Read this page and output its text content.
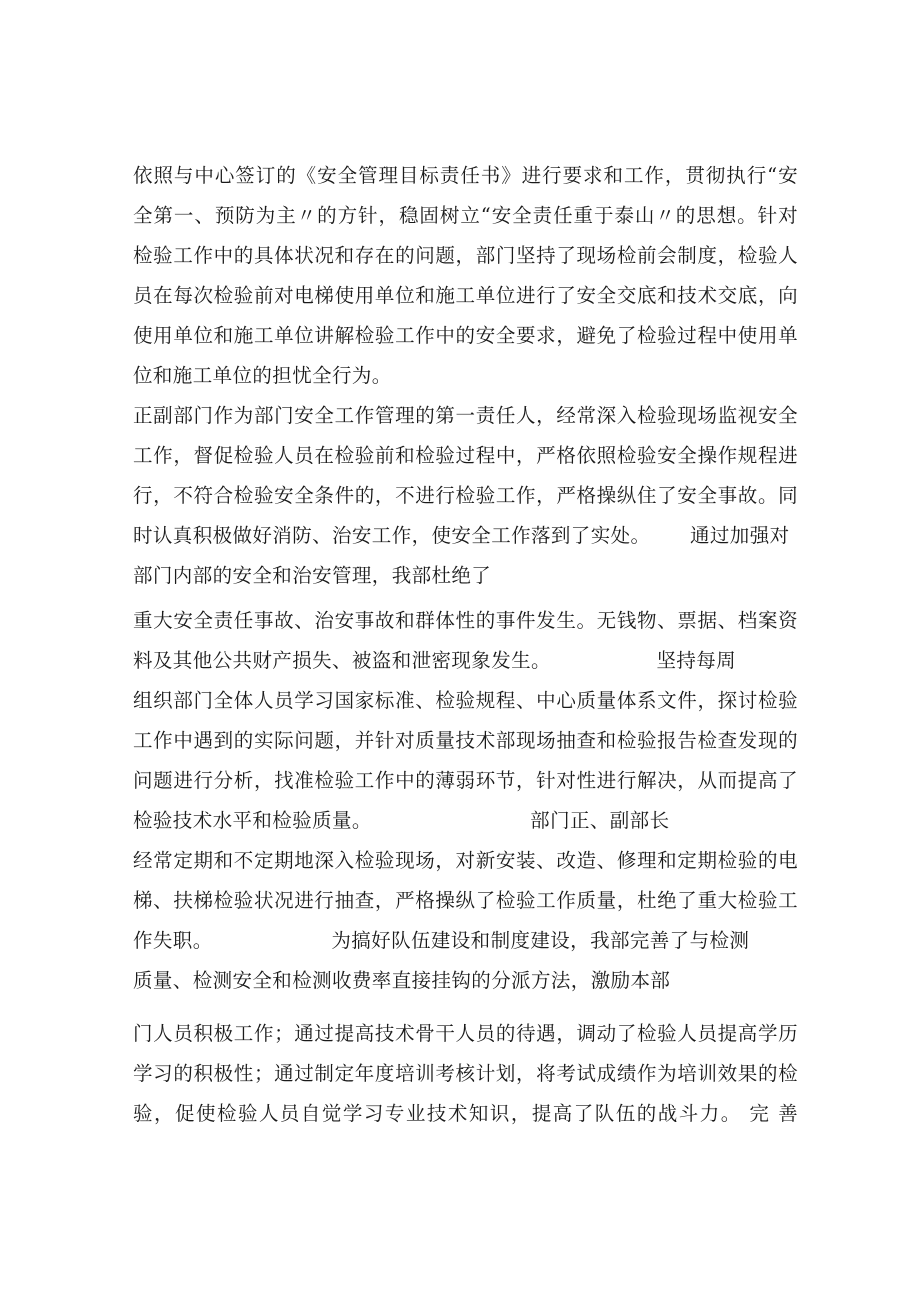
依照与中心签订的《安全管理目标责任书》进行要求和工作，贯彻执行“安
全第一、预防为主〃的方针，稳固树立“安全责任重于泰山〃的思想。针对
检验工作中的具体状况和存在的问题，部门坚持了现场检前会制度，检验人
员在每次检验前对电梯使用单位和施工单位进行了安全交底和技术交底，向
使用单位和施工单位讲解检验工作中的安全要求，避免了检验过程中使用单
位和施工单位的担忧全行为。
正副部门作为部门安全工作管理的第一责任人，经常深入检验现场监视安全
工作，督促检验人员在检验前和检验过程中，严格依照检验安全操作规程进
行，不符合检验安全条件的，不进行检验工作，严格操纵住了安全事故。同
时认真积极做好消防、治安工作，使安全工作落到了实处。      通过加强对
部门内部的安全和治安管理，我部杜绝了
重大安全责任事故、治安事故和群体性的事件发生。无钱物、票据、档案资
料及其他公共财产损失、被盗和泄密现象发生。                坚持每周
组织部门全体人员学习国家标准、检验规程、中心质量体系文件，探讨检验
工作中遇到的实际问题，并针对质量技术部现场抽查和检验报告检查发现的
问题进行分析，找准检验工作中的薄弱环节，针对性进行解决，从而提高了
检验技术水平和检验质量。                        部门正、副部长
经常定期和不定期地深入检验现场，对新安装、改造、修理和定期检验的电
梯、扶梯检验状况进行抽查，严格操纵了检验工作质量，杜绝了重大检验工
作失职。                  为搞好队伍建设和制度建设，我部完善了与检测
质量、检测安全和检测收费率直接挂钩的分派方法，激励本部
门人员积极工作；通过提高技术骨干人员的待遇，调动了检验人员提高学历
学习的积极性；通过制定年度培训考核计划，将考试成绩作为培训效果的检
验，促使检验人员自觉学习专业技术知识，提高了队伍的战斗力。 完 善
